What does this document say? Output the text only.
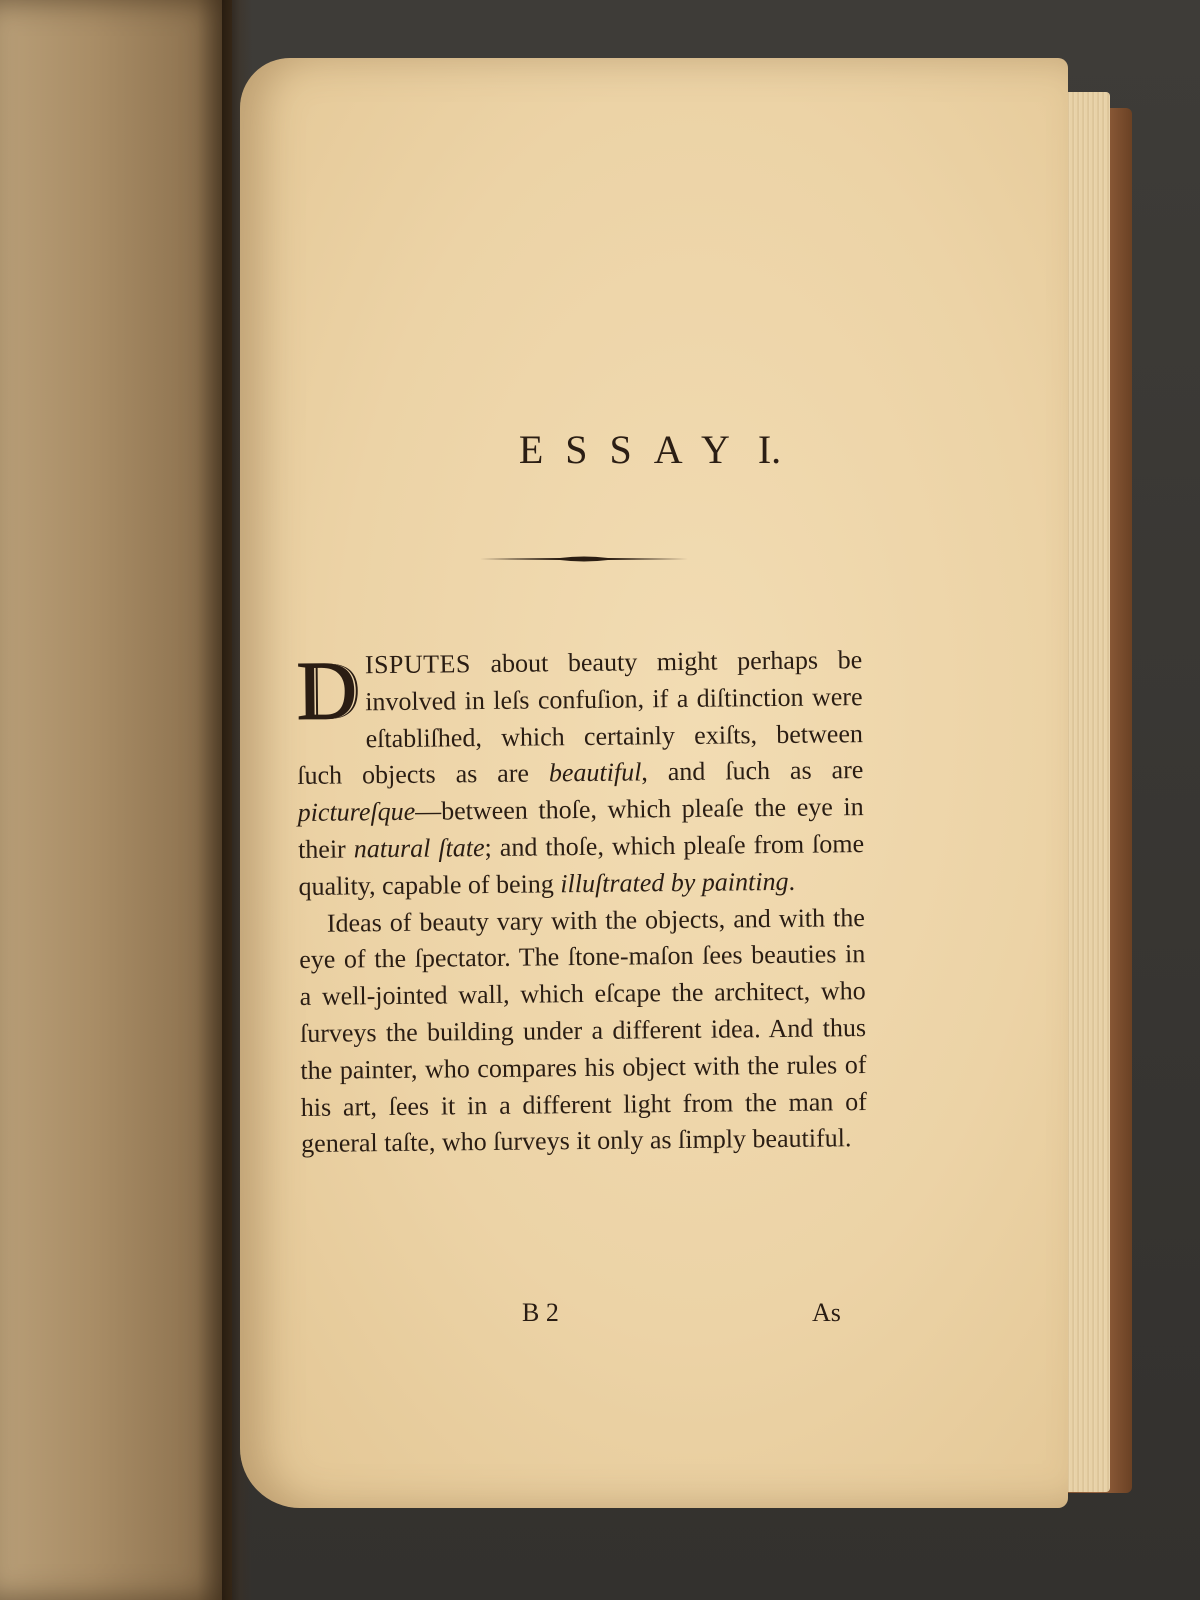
ESSAY I.

DISPUTES about beauty might perhaps be involved in leſs confuſion, if a diſtinction were eſtabliſhed, which certainly exiſts, between ſuch objects as are beautiful, and ſuch as are pictureſque—between thoſe, which pleaſe the eye in their natural ſtate; and thoſe, which pleaſe from ſome quality, capable of being illuſtrated by painting.

Ideas of beauty vary with the objects, and with the eye of the ſpectator. The ſtone-maſon ſees beauties in a well-jointed wall, which eſcape the architect, who ſurveys the building under a different idea. And thus the painter, who compares his object with the rules of his art, ſees it in a different light from the man of general taſte, who ſurveys it only as ſimply beautiful.

B 2	As
